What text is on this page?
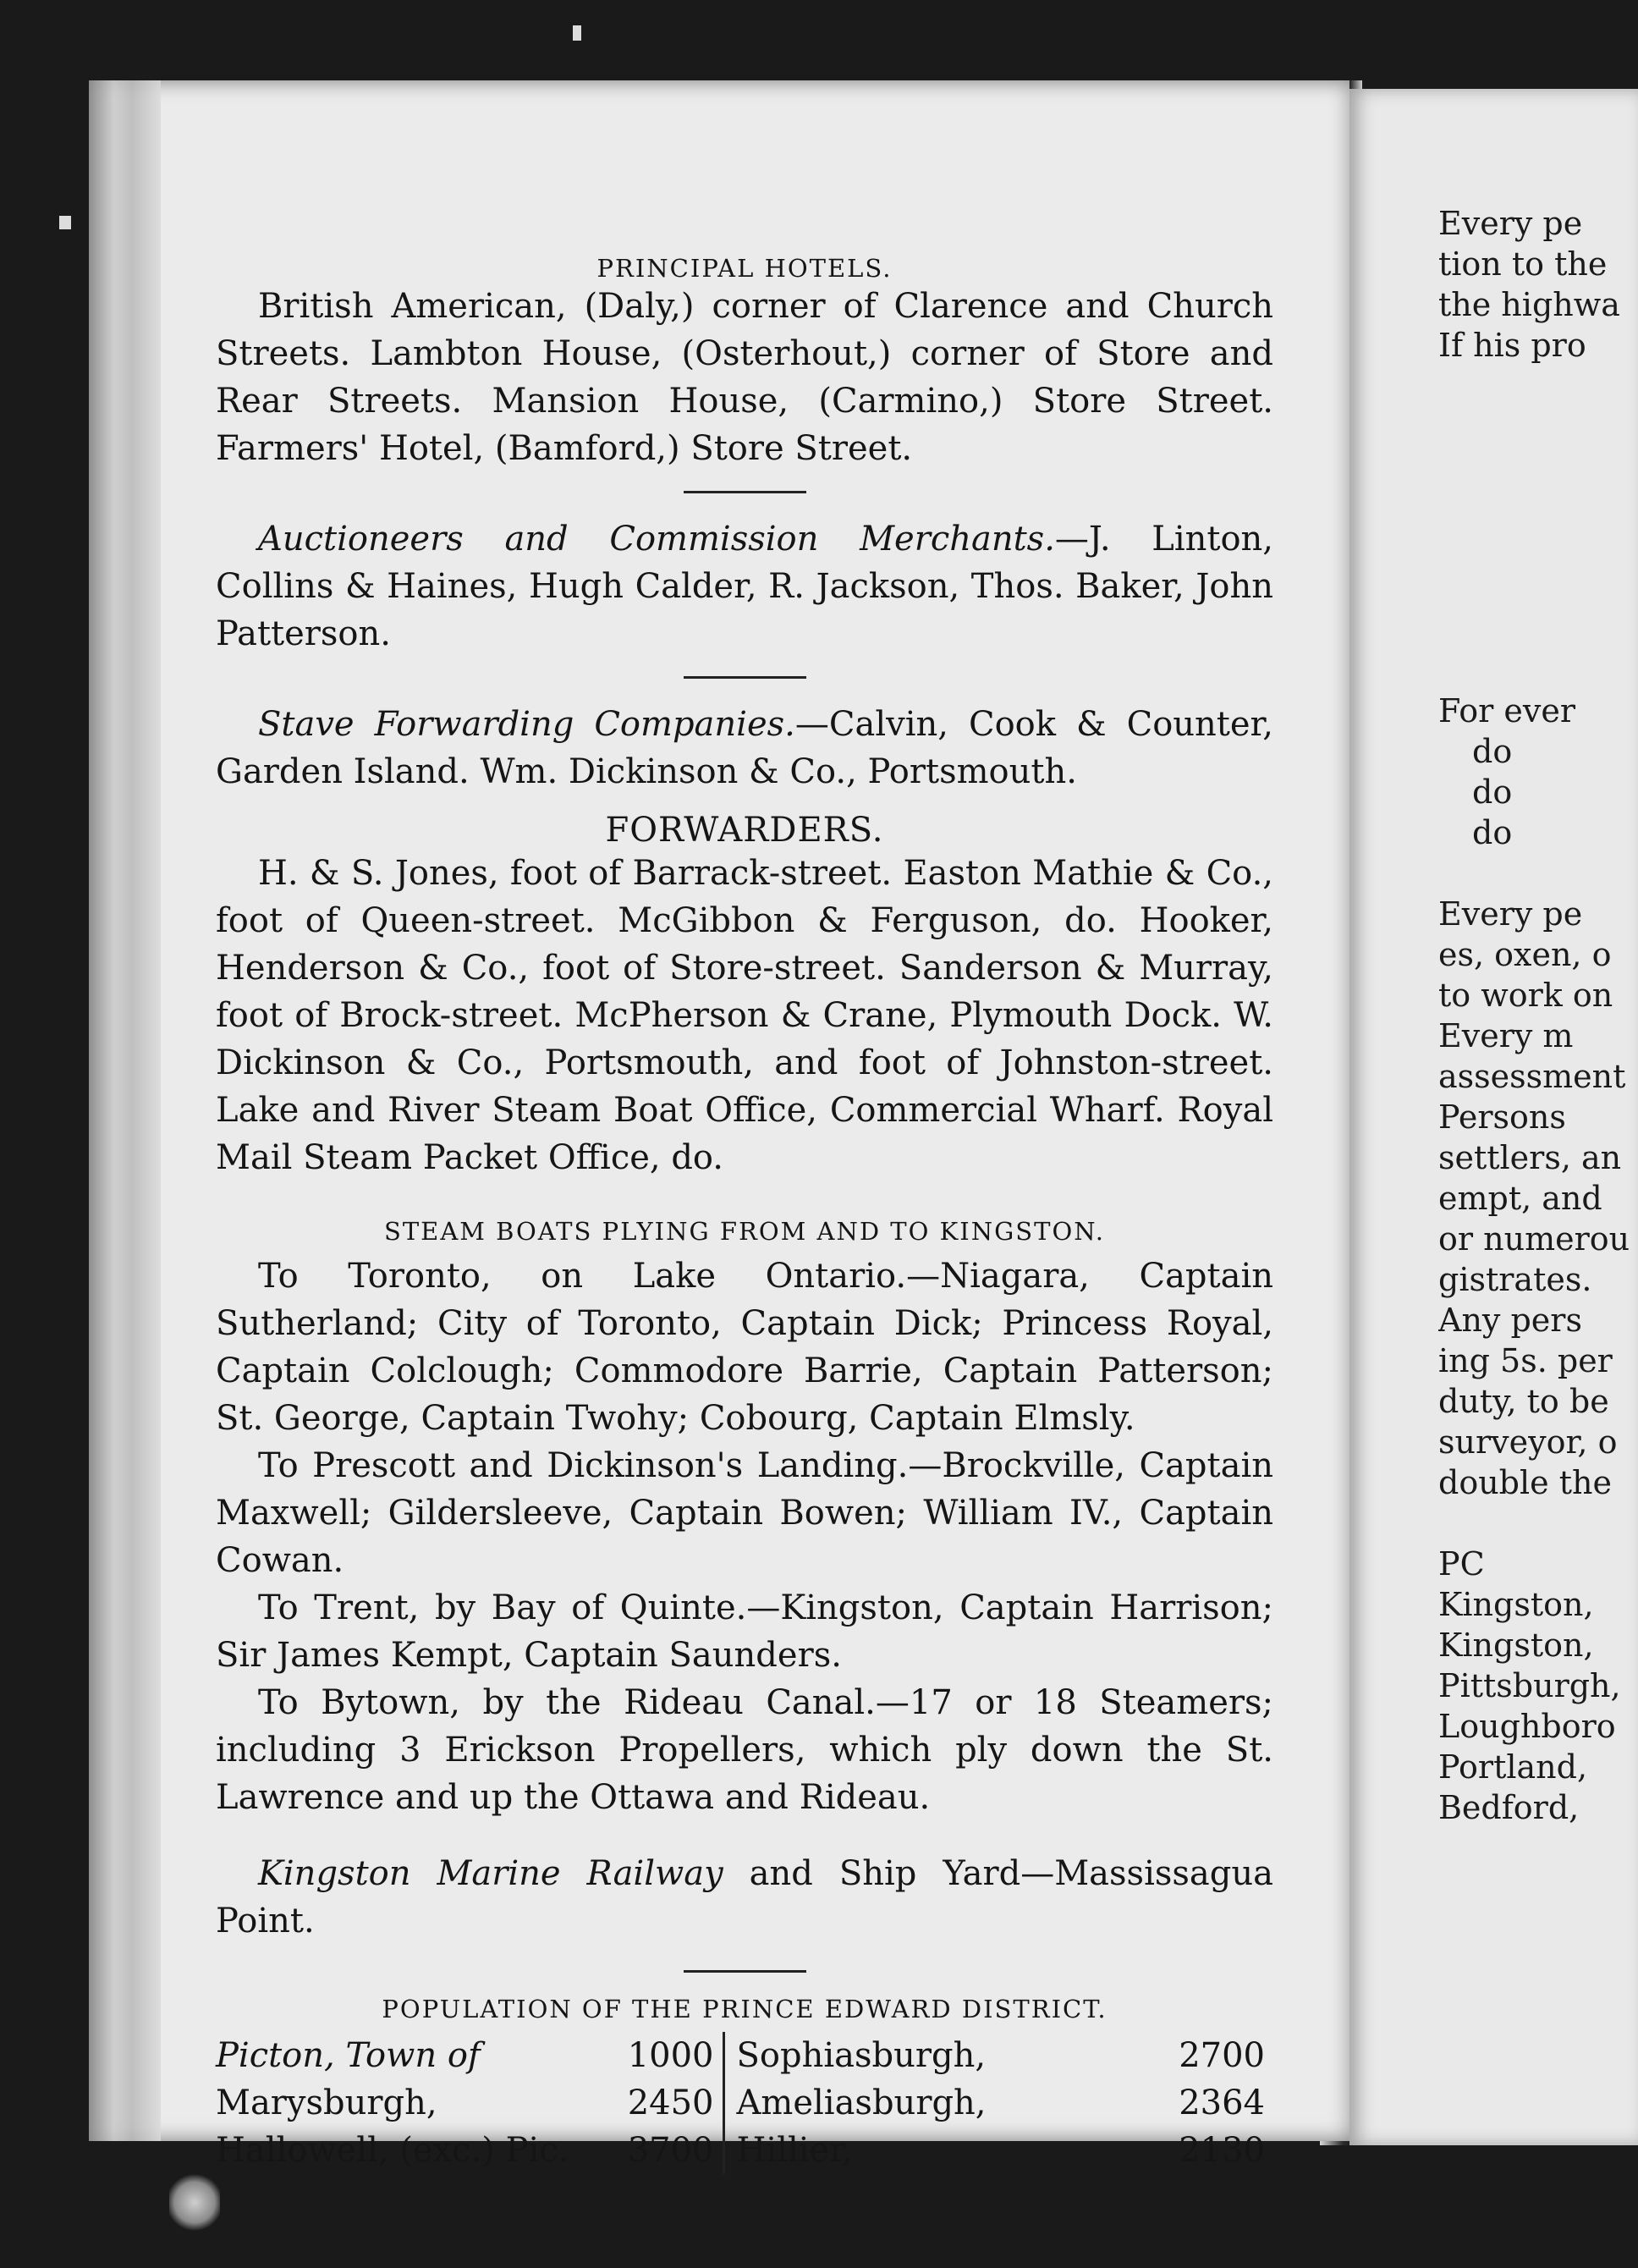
PRINCIPAL HOTELS.

British American, (Daly,) corner of Clarence and Church Streets. Lambton House, (Osterhout,) corner of Store and Rear Streets. Mansion House, (Carmino,) Store Street. Farmers' Hotel, (Bamford,) Store Street.

Auctioneers and Commission Merchants.—J. Linton, Collins & Haines, Hugh Calder, R. Jackson, Thos. Baker, John Patterson.

Stave Forwarding Companies.—Calvin, Cook & Counter, Garden Island. Wm. Dickinson & Co., Portsmouth.

FORWARDERS.

H. & S. Jones, foot of Barrack-street. Easton Mathie & Co., foot of Queen-street. McGibbon & Ferguson, do. Hooker, Henderson & Co., foot of Store-street. Sanderson & Murray, foot of Brock-street. McPherson & Crane, Plymouth Dock. W. Dickinson & Co., Portsmouth, and foot of Johnston-street. Lake and River Steam Boat Office, Commercial Wharf. Royal Mail Steam Packet Office, do.

STEAM BOATS PLYING FROM AND TO KINGSTON.

To Toronto, on Lake Ontario.—Niagara, Captain Sutherland; City of Toronto, Captain Dick; Princess Royal, Captain Colclough; Commodore Barrie, Captain Patterson; St. George, Captain Twohy; Cobourg, Captain Elmsly.

To Prescott and Dickinson's Landing.—Brockville, Captain Maxwell; Gildersleeve, Captain Bowen; William IV., Captain Cowan.

To Trent, by Bay of Quinte.—Kingston, Captain Harrison; Sir James Kempt, Captain Saunders.

To Bytown, by the Rideau Canal.—17 or 18 Steamers; including 3 Erickson Propellers, which ply down the St. Lawrence and up the Ottawa and Rideau.

Kingston Marine Railway and Ship Yard—Massissagua Point.

POPULATION OF THE PRINCE EDWARD DISTRICT.

Picton, Town of	1000		Sophiasburgh,	2700
Marysburgh,	2450		Ameliasburgh,	2364
Hallowell, (exc.) Pic.	3700		Hillier,	2130
Every pe
tion to the
the highwa
If his pro
For ever
do
do
do
Every pe
es, oxen, o
to work on
Every m
assessment
Persons
settlers, an
empt, and
or numerou
gistrates.
Any pers
ing 5s. per
duty, to be
surveyor, o
double the
PC
Kingston,
Kingston,
Pittsburgh,
Loughboro
Portland,
Bedford,
